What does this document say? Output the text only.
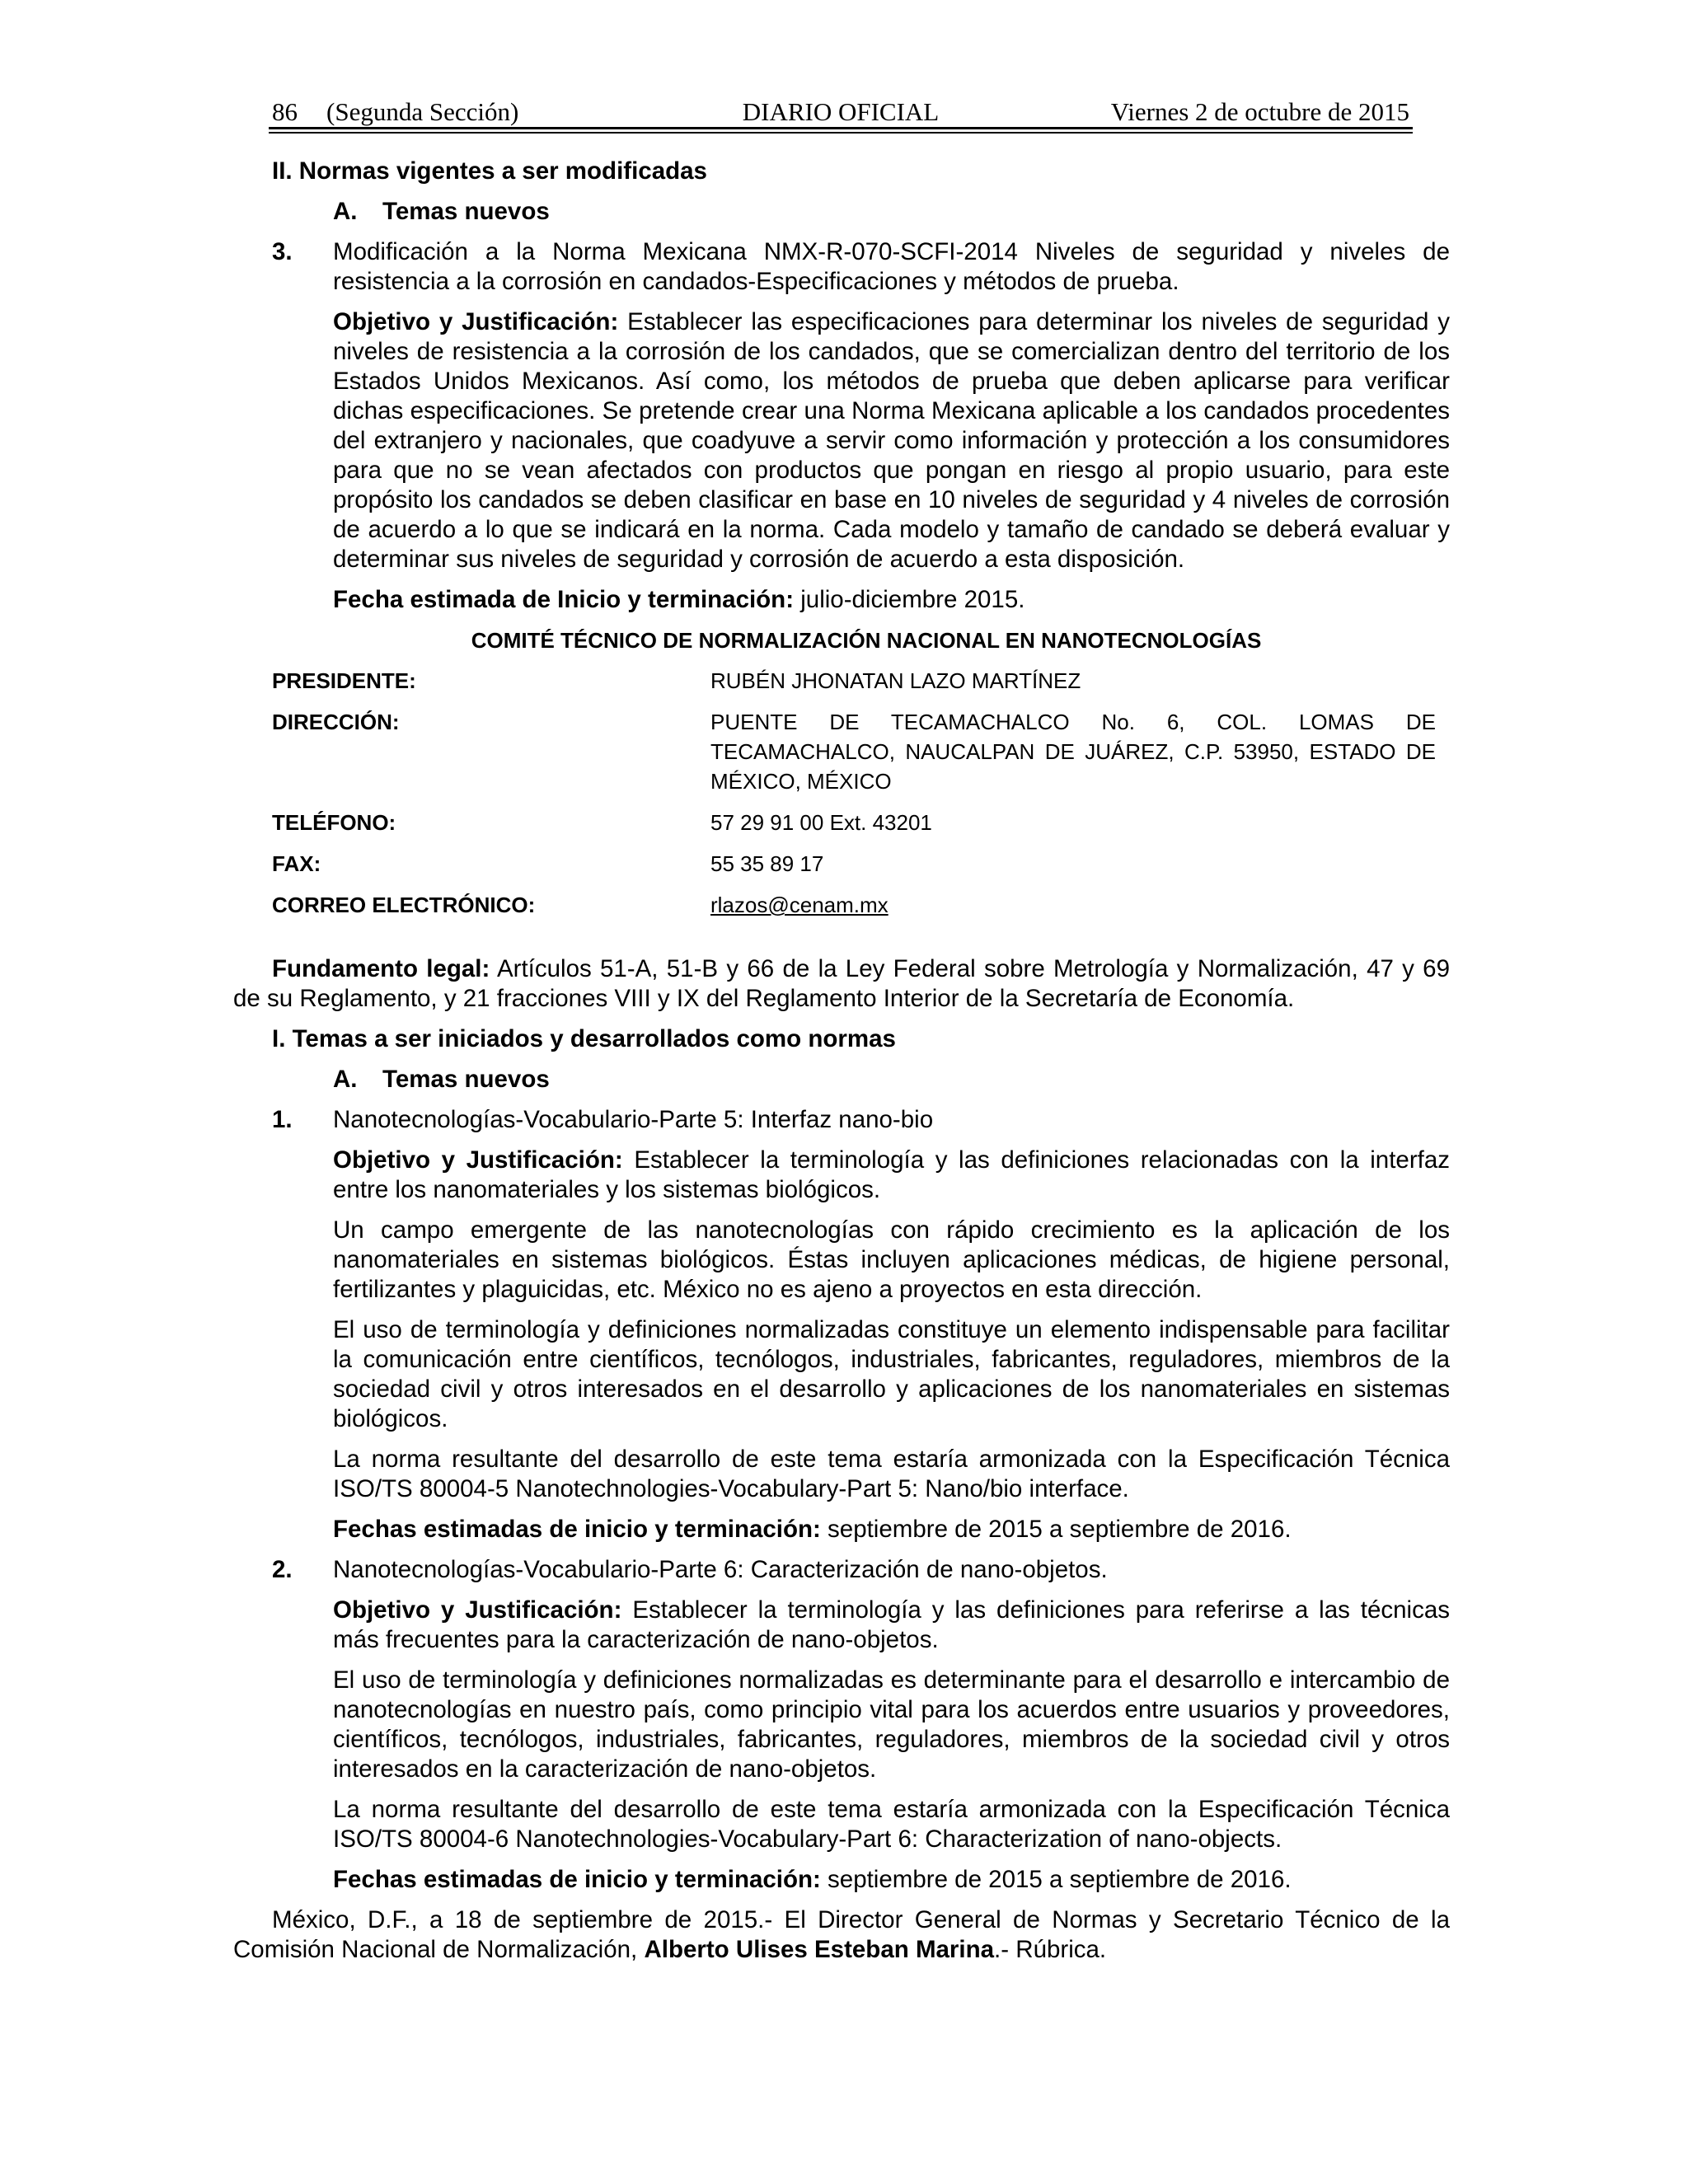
86 (Segunda Sección)	DIARIO OFICIAL	Viernes 2 de octubre de 2015
II. Normas vigentes a ser modificadas
A. Temas nuevos
3. Modificación a la Norma Mexicana NMX-R-070-SCFI-2014 Niveles de seguridad y niveles de resistencia a la corrosión en candados-Especificaciones y métodos de prueba.
Objetivo y Justificación: Establecer las especificaciones para determinar los niveles de seguridad y niveles de resistencia a la corrosión de los candados, que se comercializan dentro del territorio de los Estados Unidos Mexicanos. Así como, los métodos de prueba que deben aplicarse para verificar dichas especificaciones. Se pretende crear una Norma Mexicana aplicable a los candados procedentes del extranjero y nacionales, que coadyuve a servir como información y protección a los consumidores para que no se vean afectados con productos que pongan en riesgo al propio usuario, para este propósito los candados se deben clasificar en base en 10 niveles de seguridad y 4 niveles de corrosión de acuerdo a lo que se indicará en la norma. Cada modelo y tamaño de candado se deberá evaluar y determinar sus niveles de seguridad y corrosión de acuerdo a esta disposición.
Fecha estimada de Inicio y terminación: julio-diciembre 2015.
COMITÉ TÉCNICO DE NORMALIZACIÓN NACIONAL EN NANOTECNOLOGÍAS
PRESIDENTE:	RUBÉN JHONATAN LAZO MARTÍNEZ
DIRECCIÓN:	PUENTE DE TECAMACHALCO No. 6, COL. LOMAS DE TECAMACHALCO, NAUCALPAN DE JUÁREZ, C.P. 53950, ESTADO DE MÉXICO, MÉXICO
TELÉFONO:	57 29 91 00 Ext. 43201
FAX:	55 35 89 17
CORREO ELECTRÓNICO:	rlazos@cenam.mx
Fundamento legal: Artículos 51-A, 51-B y 66 de la Ley Federal sobre Metrología y Normalización, 47 y 69 de su Reglamento, y 21 fracciones VIII y IX del Reglamento Interior de la Secretaría de Economía.
I. Temas a ser iniciados y desarrollados como normas
A. Temas nuevos
1. Nanotecnologías-Vocabulario-Parte 5: Interfaz nano-bio
Objetivo y Justificación: Establecer la terminología y las definiciones relacionadas con la interfaz entre los nanomateriales y los sistemas biológicos.
Un campo emergente de las nanotecnologías con rápido crecimiento es la aplicación de los nanomateriales en sistemas biológicos. Éstas incluyen aplicaciones médicas, de higiene personal, fertilizantes y plaguicidas, etc. México no es ajeno a proyectos en esta dirección.
El uso de terminología y definiciones normalizadas constituye un elemento indispensable para facilitar la comunicación entre científicos, tecnólogos, industriales, fabricantes, reguladores, miembros de la sociedad civil y otros interesados en el desarrollo y aplicaciones de los nanomateriales en sistemas biológicos.
La norma resultante del desarrollo de este tema estaría armonizada con la Especificación Técnica ISO/TS 80004-5 Nanotechnologies-Vocabulary-Part 5: Nano/bio interface.
Fechas estimadas de inicio y terminación: septiembre de 2015 a septiembre de 2016.
2. Nanotecnologías-Vocabulario-Parte 6: Caracterización de nano-objetos.
Objetivo y Justificación: Establecer la terminología y las definiciones para referirse a las técnicas más frecuentes para la caracterización de nano-objetos.
El uso de terminología y definiciones normalizadas es determinante para el desarrollo e intercambio de nanotecnologías en nuestro país, como principio vital para los acuerdos entre usuarios y proveedores, científicos, tecnólogos, industriales, fabricantes, reguladores, miembros de la sociedad civil y otros interesados en la caracterización de nano-objetos.
La norma resultante del desarrollo de este tema estaría armonizada con la Especificación Técnica ISO/TS 80004-6 Nanotechnologies-Vocabulary-Part 6: Characterization of nano-objects.
Fechas estimadas de inicio y terminación: septiembre de 2015 a septiembre de 2016.
México, D.F., a 18 de septiembre de 2015.- El Director General de Normas y Secretario Técnico de la Comisión Nacional de Normalización, Alberto Ulises Esteban Marina.- Rúbrica.
